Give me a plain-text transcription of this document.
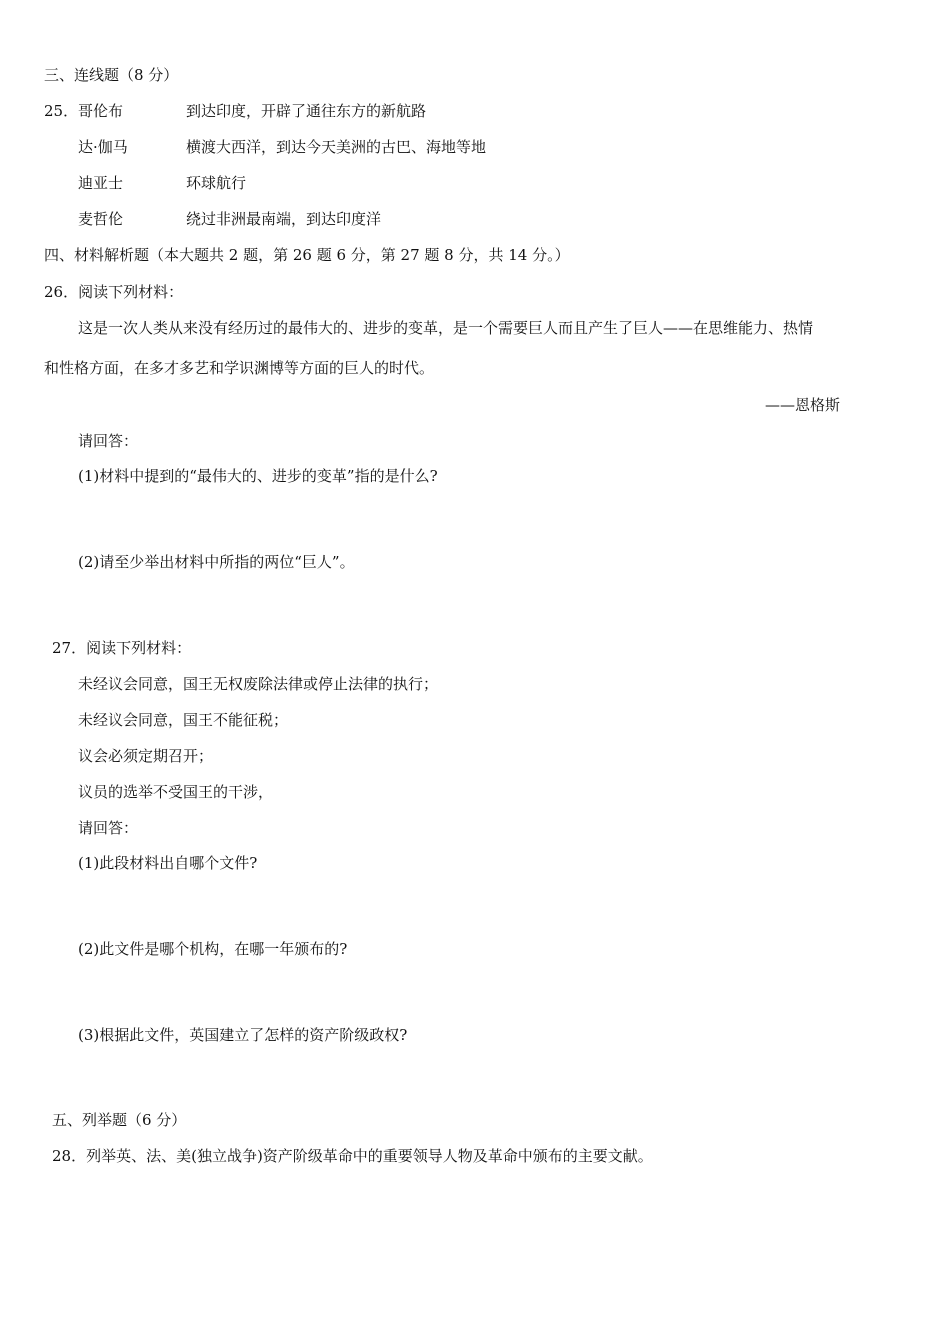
三、连线题（8 分）
25． 哥伦布	到达印度，开辟了通往东方的新航路
达·伽马	横渡大西洋，到达今天美洲的古巴、海地等地
迪亚士	环球航行
麦哲伦	绕过非洲最南端，到达印度洋
四、材料解析题（本大题共 2 题，第 26 题 6 分，第 27 题 8 分，共 14 分。）
26．阅读下列材料：
这是一次人类从来没有经历过的最伟大的、进步的变革，是一个需要巨人而且产生了巨人——在思维能力、热情
和性格方面，在多才多艺和学识渊博等方面的巨人的时代。
——恩格斯
请回答：
(1)材料中提到的“最伟大的、进步的变革”指的是什么?
(2)请至少举出材料中所指的两位“巨人”。
27．阅读下列材料：
未经议会同意，国王无权废除法律或停止法律的执行；
未经议会同意，国王不能征税；
议会必须定期召开；
议员的选举不受国王的干涉，
请回答：
(1)此段材料出自哪个文件?
(2)此文件是哪个机构，在哪一年颁布的?
(3)根据此文件，英国建立了怎样的资产阶级政权?
五、列举题（6 分）
28．列举英、法、美(独立战争)资产阶级革命中的重要领导人物及革命中颁布的主要文献。
